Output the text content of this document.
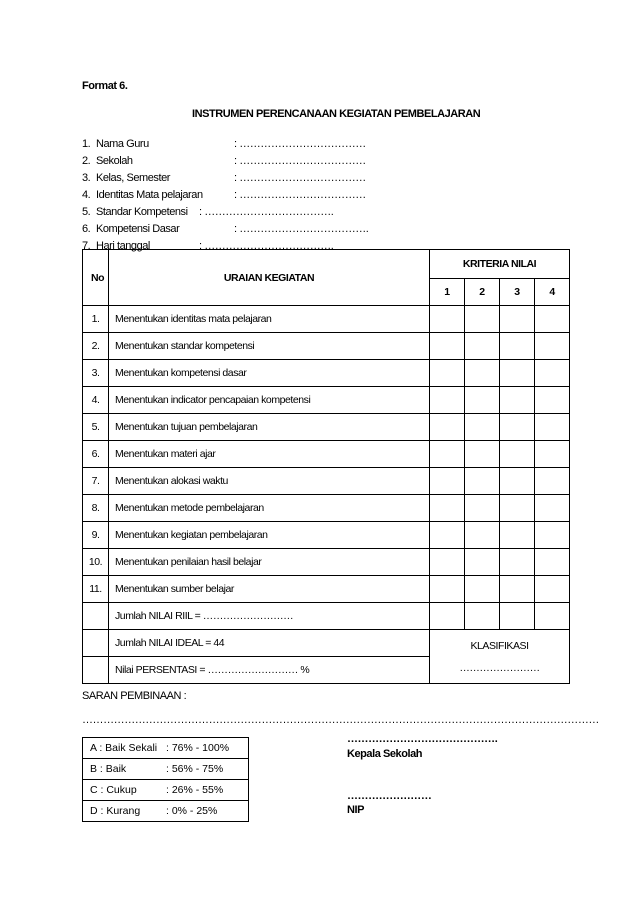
Format 6.
INSTRUMEN PERENCANAAN KEGIATAN PEMBELAJARAN
1. Nama Guru	: ………………………………
2. Sekolah	: ………………………………
3. Kelas, Semester	: ………………………………
4. Identitas Mata pelajaran	: ………………………………
5. Standar Kompetensi : ……………………………….
6. Kompetensi Dasar	: ……………………………….
7. Hari tanggal	: ……………………………….
No	URAIAN KEGIATAN	KRITERIA NILAI			
		1	2	3	4
1.	Menentukan identitas mata pelajaran				
2.	Menentukan standar kompetensi				
3.	Menentukan kompetensi dasar				
4.	Menentukan indicator pencapaian kompetensi				
5.	Menentukan tujuan pembelajaran				
6.	Menentukan materi ajar				
7.	Menentukan alokasi waktu				
8.	Menentukan metode pembelajaran				
9.	Menentukan kegiatan pembelajaran				
10.	Menentukan penilaian hasil belajar				
11.	Menentukan sumber belajar				
	Jumlah NILAI RIIL = ………………………				
	Jumlah NILAI IDEAL = 44	KLASIFIKASI
……………………			

	Nilai PERSENTASI = ……………………… %				
SARAN PEMBINAAN :
…………………………………………………………………………………………………………………………………
A : Baik Sekali : 76% - 100%
B : Baik	: 56% - 75%
C : Cukup	: 26% - 55%
D : Kurang : 0% - 25%
…………………………………….
Kepala Sekolah
……………………
NIP
